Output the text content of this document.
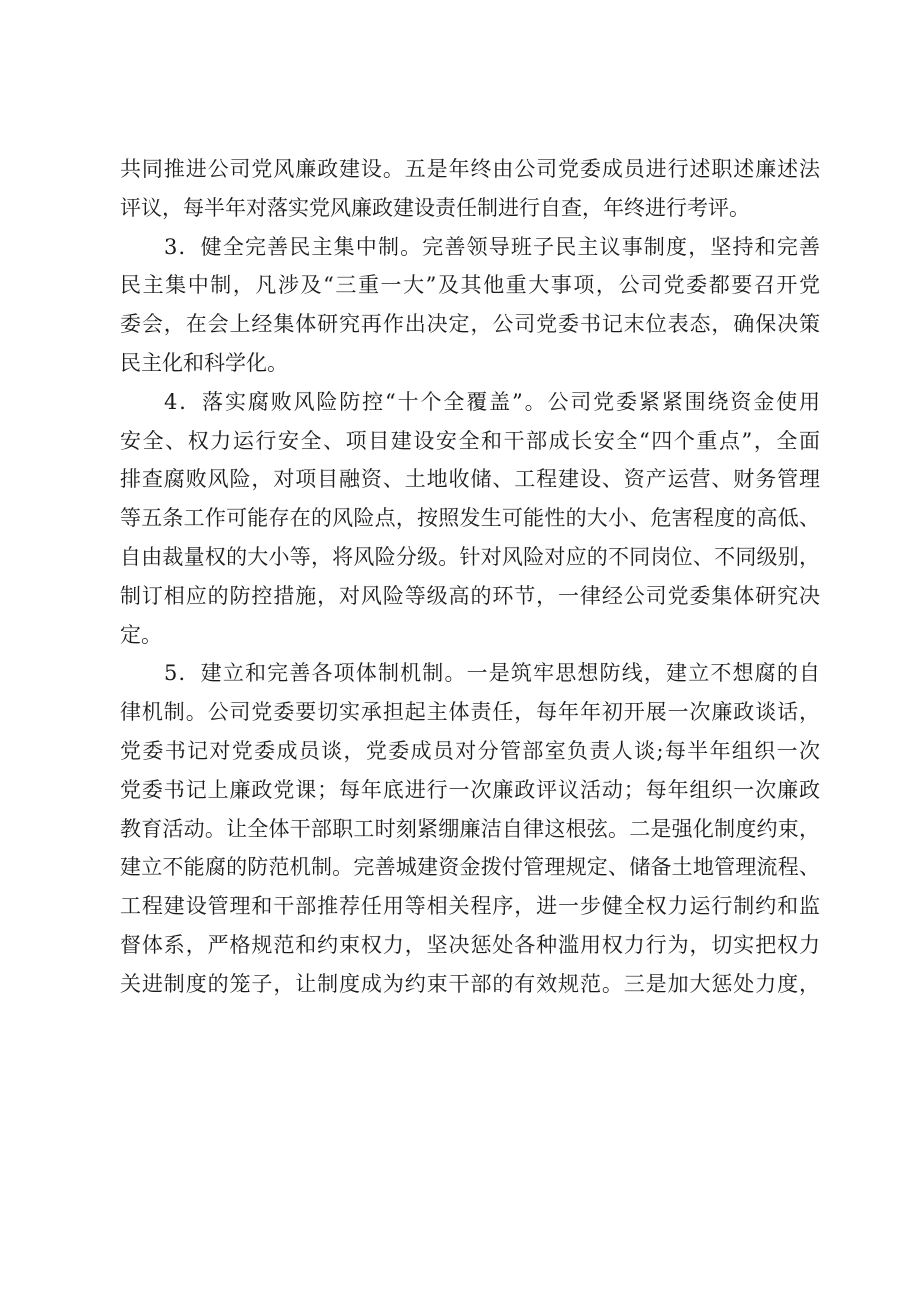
共同推进公司党风廉政建设。五是年终由公司党委成员进行述职述廉述法
评议，每半年对落实党风廉政建设责任制进行自查，年终进行考评。
3．健全完善民主集中制。完善领导班子民主议事制度，坚持和完善
民主集中制，凡涉及“三重一大”及其他重大事项，公司党委都要召开党
委会，在会上经集体研究再作出决定，公司党委书记末位表态，确保决策
民主化和科学化。
4．落实腐败风险防控“十个全覆盖”。公司党委紧紧围绕资金使用
安全、权力运行安全、项目建设安全和干部成长安全“四个重点”，全面
排查腐败风险，对项目融资、土地收储、工程建设、资产运营、财务管理
等五条工作可能存在的风险点，按照发生可能性的大小、危害程度的高低、
自由裁量权的大小等，将风险分级。针对风险对应的不同岗位、不同级别，
制订相应的防控措施，对风险等级高的环节，一律经公司党委集体研究决
定。
5．建立和完善各项体制机制。一是筑牢思想防线，建立不想腐的自
律机制。公司党委要切实承担起主体责任，每年年初开展一次廉政谈话，
党委书记对党委成员谈，党委成员对分管部室负责人谈;每半年组织一次
党委书记上廉政党课；每年底进行一次廉政评议活动；每年组织一次廉政
教育活动。让全体干部职工时刻紧绷廉洁自律这根弦。二是强化制度约束，
建立不能腐的防范机制。完善城建资金拨付管理规定、储备土地管理流程、
工程建设管理和干部推荐任用等相关程序，进一步健全权力运行制约和监
督体系，严格规范和约束权力，坚决惩处各种滥用权力行为，切实把权力
关进制度的笼子，让制度成为约束干部的有效规范。三是加大惩处力度，
